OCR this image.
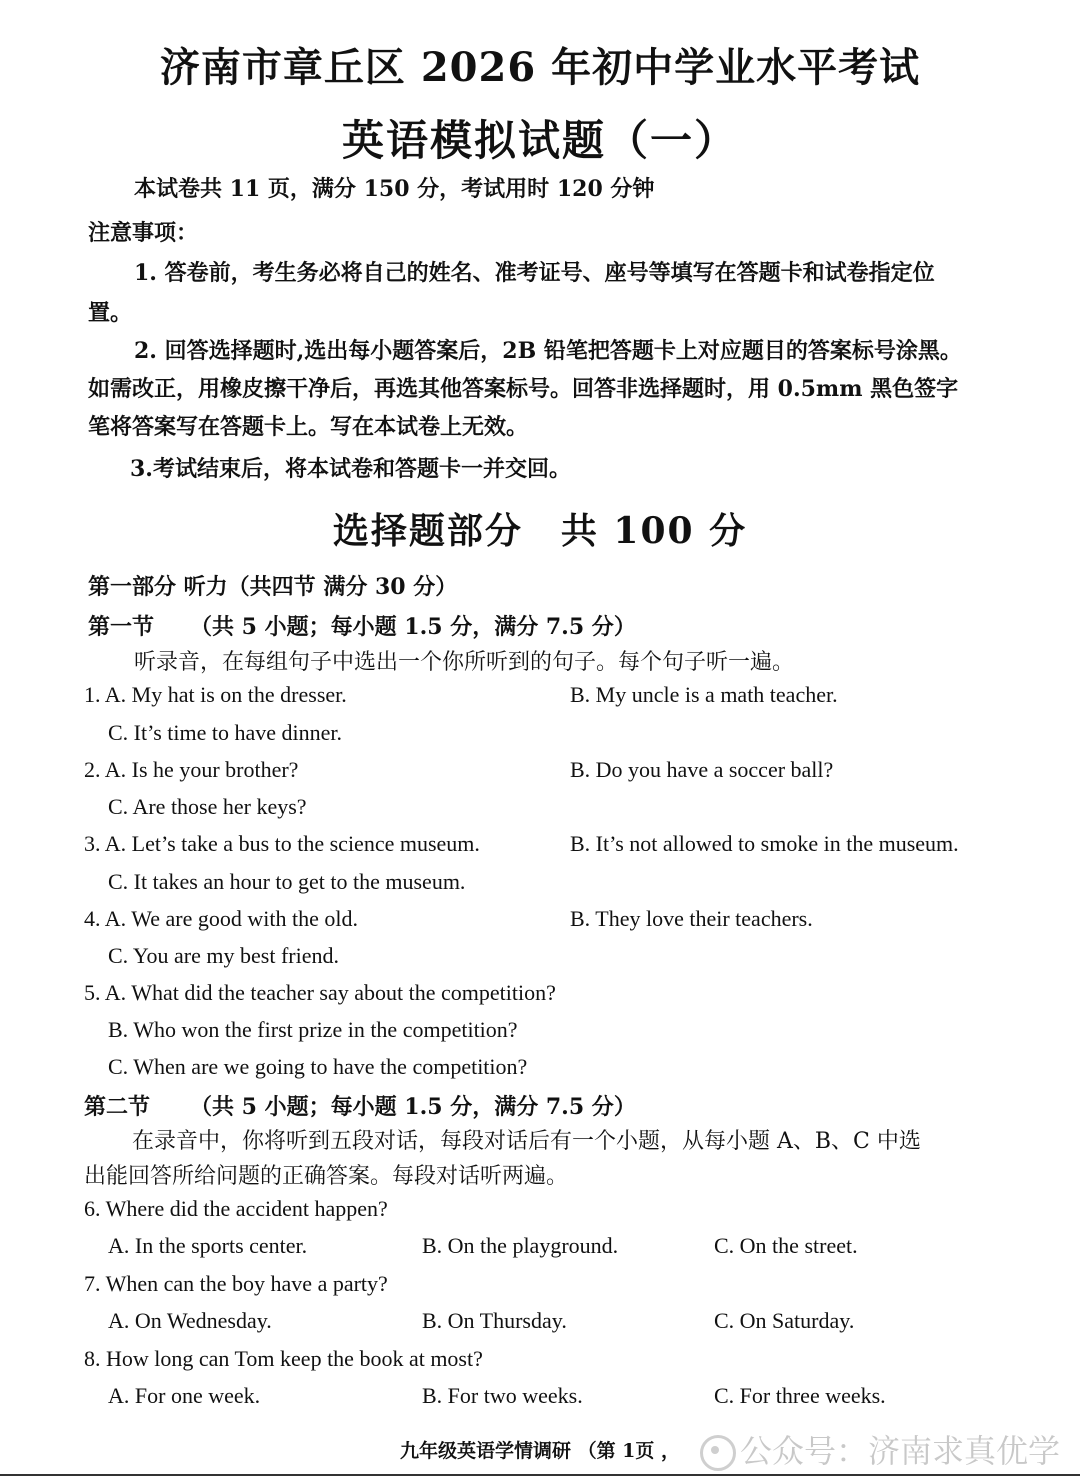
济南市章丘区 2026 年初中学业水平考试
英语模拟试题（一）
本试卷共 11 页，满分 150 分，考试用时 120 分钟
注意事项：
1. 答卷前，考生务必将自己的姓名、准考证号、座号等填写在答题卡和试卷指定位
置。
2. 回答选择题时,选出每小题答案后，2B 铅笔把答题卡上对应题目的答案标号涂黑。
如需改正，用橡皮擦干净后，再选其他答案标号。回答非选择题时，用 0.5mm 黑色签字
笔将答案写在答题卡上。写在本试卷上无效。
3.考试结束后，将本试卷和答题卡一并交回。
选择题部分　共 100 分
第一部分 听力（共四节 满分 30 分）
第一节 （共 5 小题；每小题 1.5 分，满分 7.5 分）
听录音，在每组句子中选出一个你所听到的句子。每个句子听一遍。
1. A. My hat is on the dresser.	B. My uncle is a math teacher.
C. It’s time to have dinner.
2. A. Is he your brother?	B. Do you have a soccer ball?
C. Are those her keys?
3. A. Let’s take a bus to the science museum.	B. It’s not allowed to smoke in the museum.
C. It takes an hour to get to the museum.
4. A. We are good with the old.	B. They love their teachers.
C. You are my best friend.
5. A. What did the teacher say about the competition?
B. Who won the first prize in the competition?
C. When are we going to have the competition?
第二节 （共 5 小题；每小题 1.5 分，满分 7.5 分）
在录音中，你将听到五段对话，每段对话后有一个小题，从每小题 A、B、C 中选
出能回答所给问题的正确答案。每段对话听两遍。
6. Where did the accident happen?
A. In the sports center.	B. On the playground.	C. On the street.
7. When can the boy have a party?
A. On Wednesday.	B. On Thursday.	C. On Saturday.
8. How long can Tom keep the book at most?
A. For one week.	B. For two weeks.	C. For three weeks.
九年级英语学情调研 （第 1页 ，	公众号：济南求真优学
